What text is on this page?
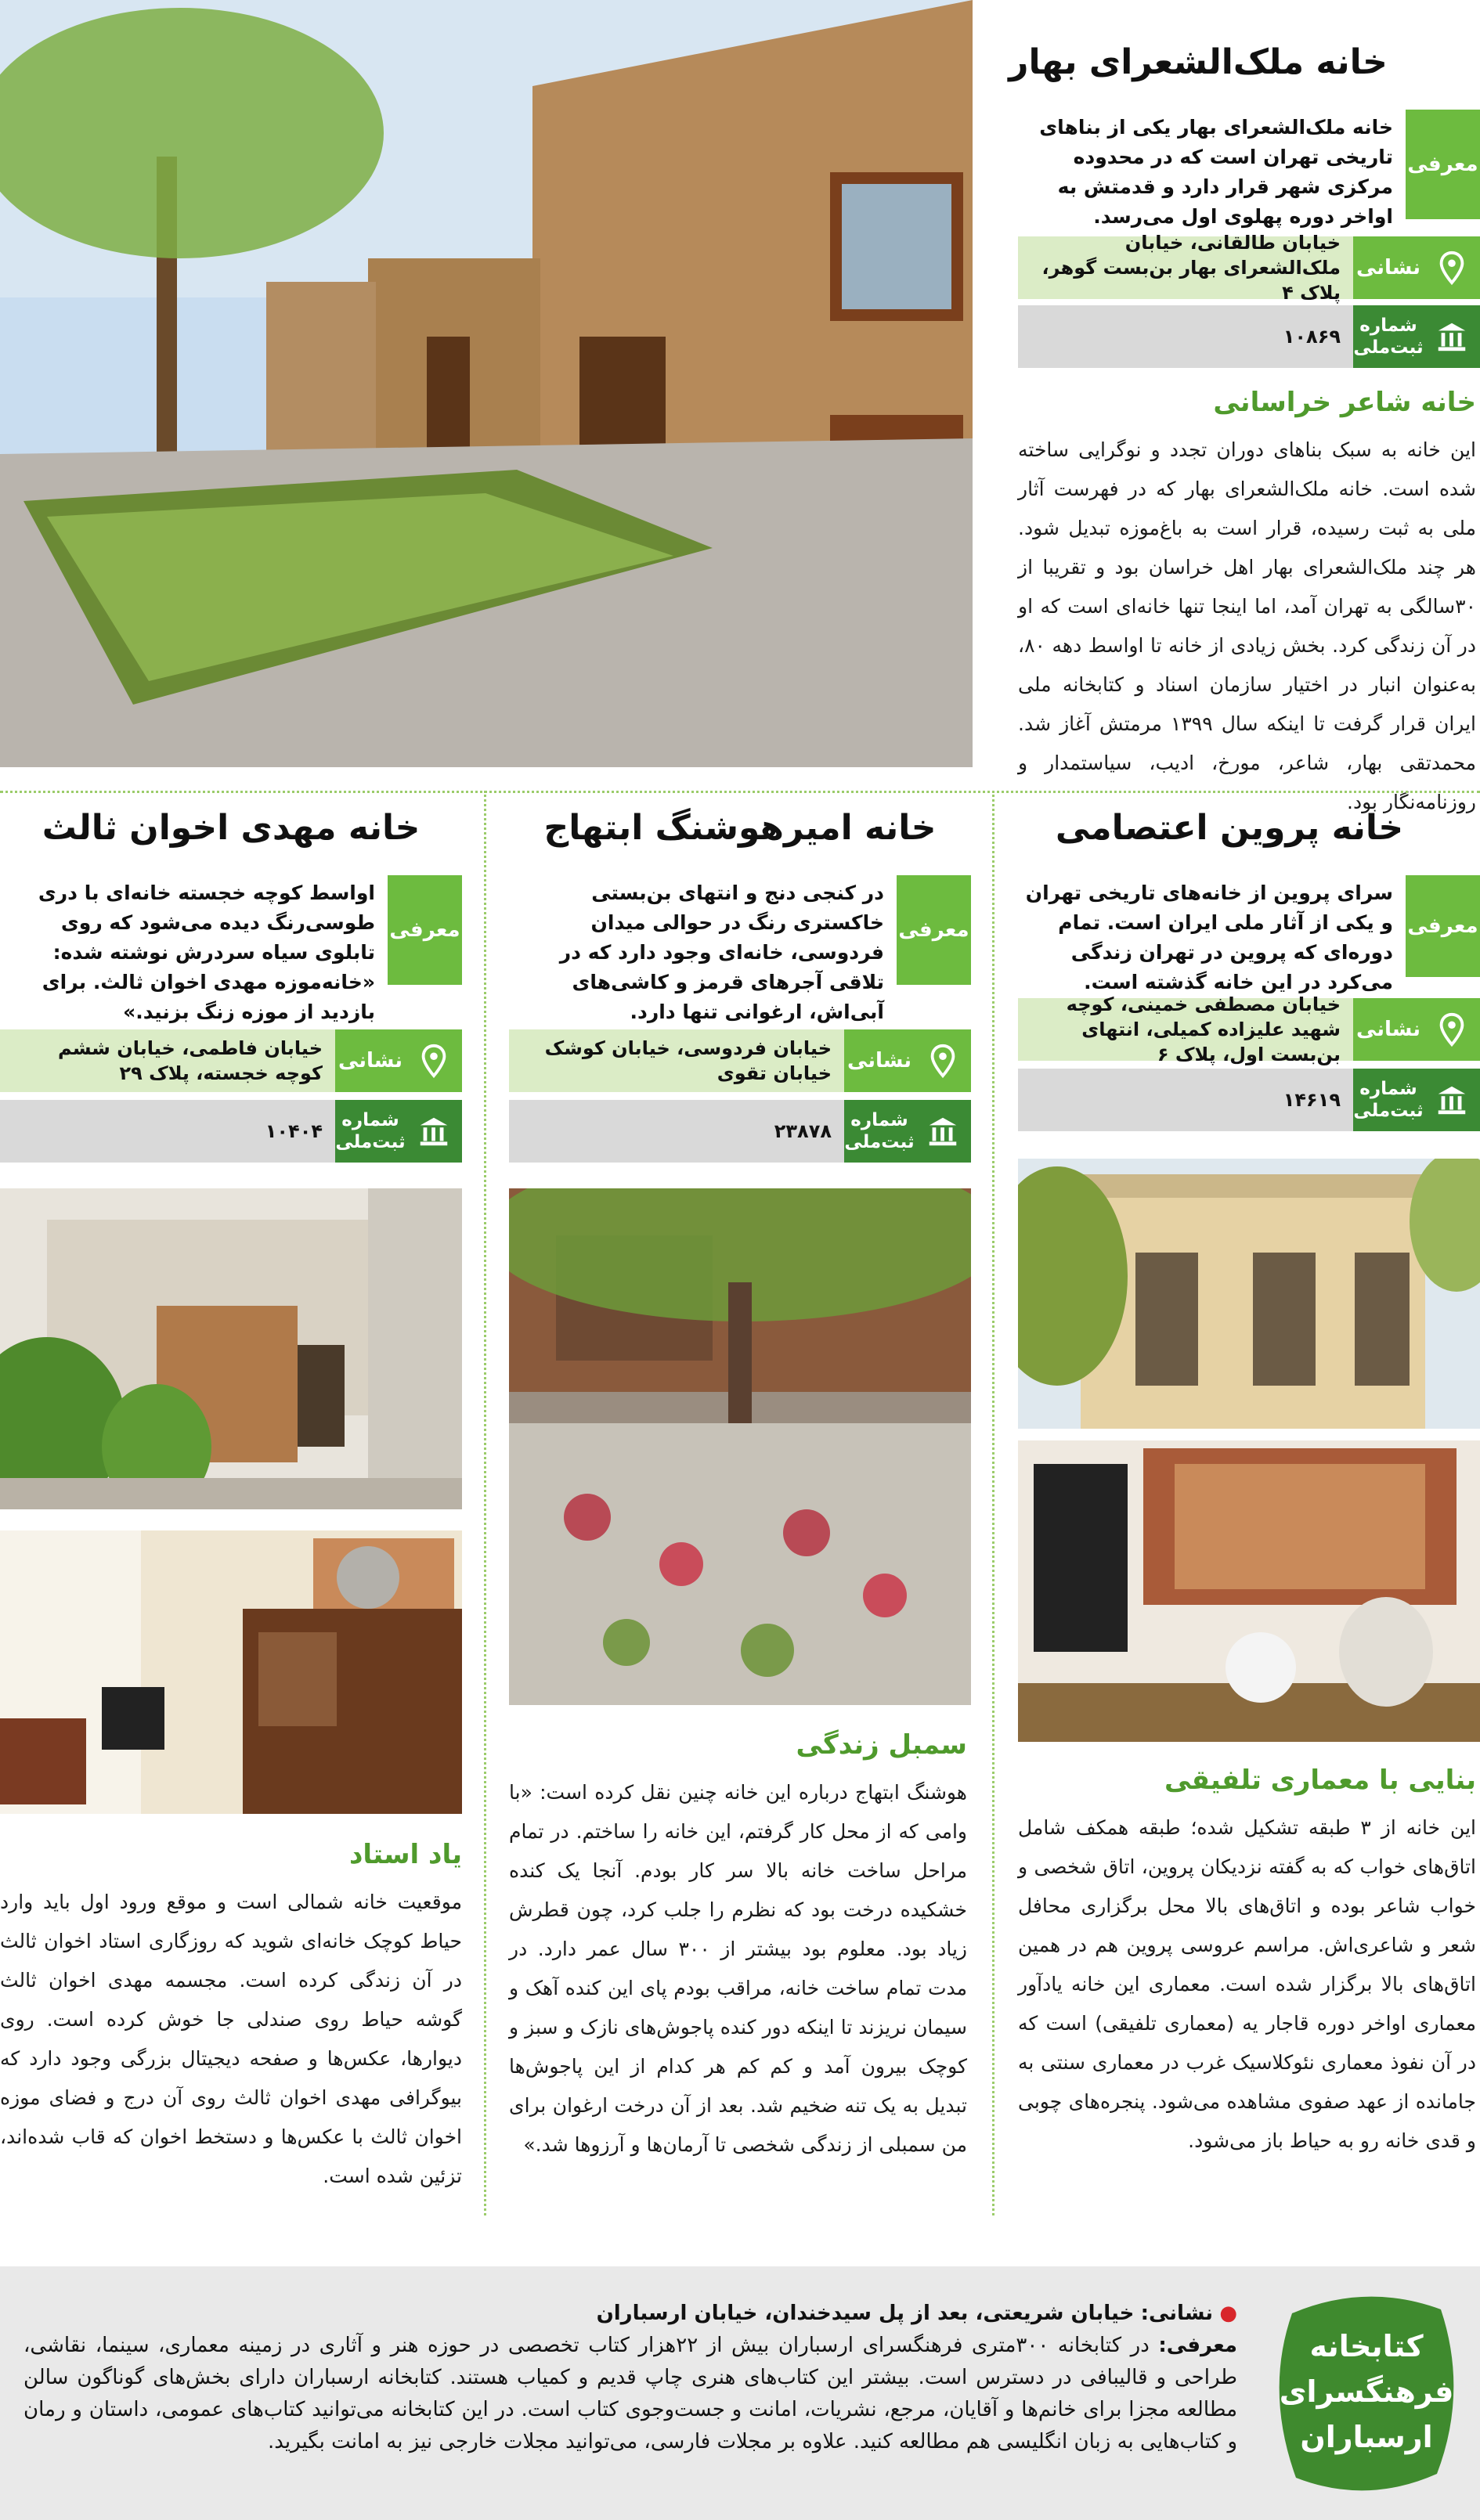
خانه ملک‌الشعرای بهار
معرفی
خانه ملک‌الشعرای بهار یکی از بناهای تاریخی تهران است که در محدوده مرکزی شهر قرار دارد و قدمتش به اواخر دوره پهلوی اول می‌رسد.
نشانی
خیابان طالقانی، خیابان ملک‌الشعرای بهار بن‌بست گوهر، پلاک ۴
شماره ثبت‌ملی
۱۰۸۶۹
خانه شاعر خراسانی
این خانه به سبک بناهای دوران تجدد و نوگرایی ساخته شده است. خانه ملک‌الشعرای بهار که در فهرست آثار ملی به ثبت رسیده، قرار است به باغ‌موزه تبدیل شود. هر چند ملک‌الشعرای بهار اهل خراسان بود و تقریبا از ۳۰سالگی به تهران آمد، اما اینجا تنها خانه‌ای است که او در آن زندگی کرد. بخش زیادی از خانه تا اواسط دهه ۸۰، به‌عنوان انبار در اختیار سازمان اسناد و کتابخانه ملی ایران قرار گرفت تا اینکه سال ۱۳۹۹ مرمتش آغاز شد. محمدتقی بهار، شاعر، مورخ، ادیب، سیاستمدار و روزنامه‌نگار بود.
خانه پروین اعتصامی
معرفی
سرای پروین از خانه‌های تاریخی تهران و یکی از آثار ملی ایران است. تمام دوره‌ای که پروین در تهران زندگی می‌کرد در این خانه گذشته است.
نشانی
خیابان مصطفی خمینی، کوچه شهید علیزاده کمیلی، انتهای بن‌بست اول، پلاک ۶
شماره ثبت‌ملی
۱۴۶۱۹
بنایی با معماری تلفیقی
این خانه از ۳ طبقه تشکیل شده؛ طبقه همکف شامل اتاق‌های خواب که به گفته نزدیکان پروین، اتاق شخصی و خواب شاعر بوده و اتاق‌های بالا محل برگزاری محافل شعر و شاعری‌اش. مراسم عروسی پروین هم در همین اتاق‌های بالا برگزار شده است. معماری این خانه یادآور معماری اواخر دوره قاجار یه (معماری تلفیقی) است که در آن نفوذ معماری نئوکلاسیک غرب در معماری سنتی به جامانده از عهد صفوی مشاهده می‌شود. پنجره‌های چوبی و قدی خانه رو به حیاط باز می‌شود.
خانه امیرهوشنگ ابتهاج
معرفی
در کنجی دنج و انتهای بن‌بستی خاکستری رنگ در حوالی میدان فردوسی، خانه‌ای وجود دارد که در تلاقی آجرهای قرمز و کاشی‌های آبی‌اش، ارغوانی تنها دارد.
نشانی
خیابان فردوسی، خیابان کوشک خیابان تقوی
شماره ثبت‌ملی
۲۳۸۷۸
سمبل زندگی
هوشنگ ابتهاج درباره این خانه چنین نقل کرده است: «با وامی که از محل کار گرفتم، این خانه را ساختم. در تمام مراحل ساخت خانه بالا سر کار بودم. آنجا یک کنده خشکیده درخت بود که نظرم را جلب کرد، چون قطرش زیاد بود. معلوم بود بیشتر از ۳۰۰ سال عمر دارد. در مدت تمام ساخت خانه، مراقب بودم پای این کنده آهک و سیمان نریزند تا اینکه دور کنده پاجوش‌های نازک و سبز و کوچک بیرون آمد و کم کم هر کدام از این پاجوش‌ها تبدیل به یک تنه ضخیم شد. بعد از آن درخت ارغوان برای من سمبلی از زندگی شخصی تا آرمان‌ها و آرزوها شد.»
خانه مهدی اخوان ثالث
معرفی
اواسط کوچه خجسته خانه‌ای با دری طوسی‌رنگ دیده می‌شود که روی تابلوی سیاه سردرش نوشته شده: «خانه‌موزه مهدی اخوان ثالث. برای بازدید از موزه زنگ بزنید.»
نشانی
خیابان فاطمی، خیابان ششم کوچه خجسته، پلاک ۲۹
شماره ثبت‌ملی
۱۰۴۰۴
یاد استاد
موقعیت خانه شمالی است و موقع ورود اول باید وارد حیاط کوچک خانه‌ای شوید که روزگاری استاد اخوان ثالث در آن زندگی کرده است. مجسمه مهدی اخوان ثالث گوشه حیاط روی صندلی جا خوش کرده است. روی دیوارها، عکس‌ها و صفحه دیجیتال بزرگی وجود دارد که بیوگرافی مهدی اخوان ثالث روی آن درج و فضای موزه اخوان ثالث با عکس‌ها و دستخط اخوان که قاب شده‌اند، تزئین شده است.
کتابخانه
فرهنگسرای
ارسباران
● نشانی: خیابان شریعتی، بعد از پل سیدخندان، خیابان ارسباران
معرفی: در کتابخانه ۳۰۰متری فرهنگسرای ارسباران بیش از ۲۲هزار کتاب تخصصی در حوزه هنر و آثاری در زمینه معماری، سینما، نقاشی، طراحی و قالیبافی در دسترس است. بیشتر این کتاب‌های هنری چاپ قدیم و کمیاب هستند. کتابخانه ارسباران دارای بخش‌های گوناگون سالن مطالعه مجزا برای خانم‌ها و آقایان، مرجع، نشریات، امانت و جست‌وجوی کتاب است. در این کتابخانه می‌توانید کتاب‌های عمومی، داستان و رمان و کتاب‌هایی به زبان انگلیسی هم مطالعه کنید. علاوه بر مجلات فارسی، می‌توانید مجلات خارجی نیز به امانت بگیرید.
